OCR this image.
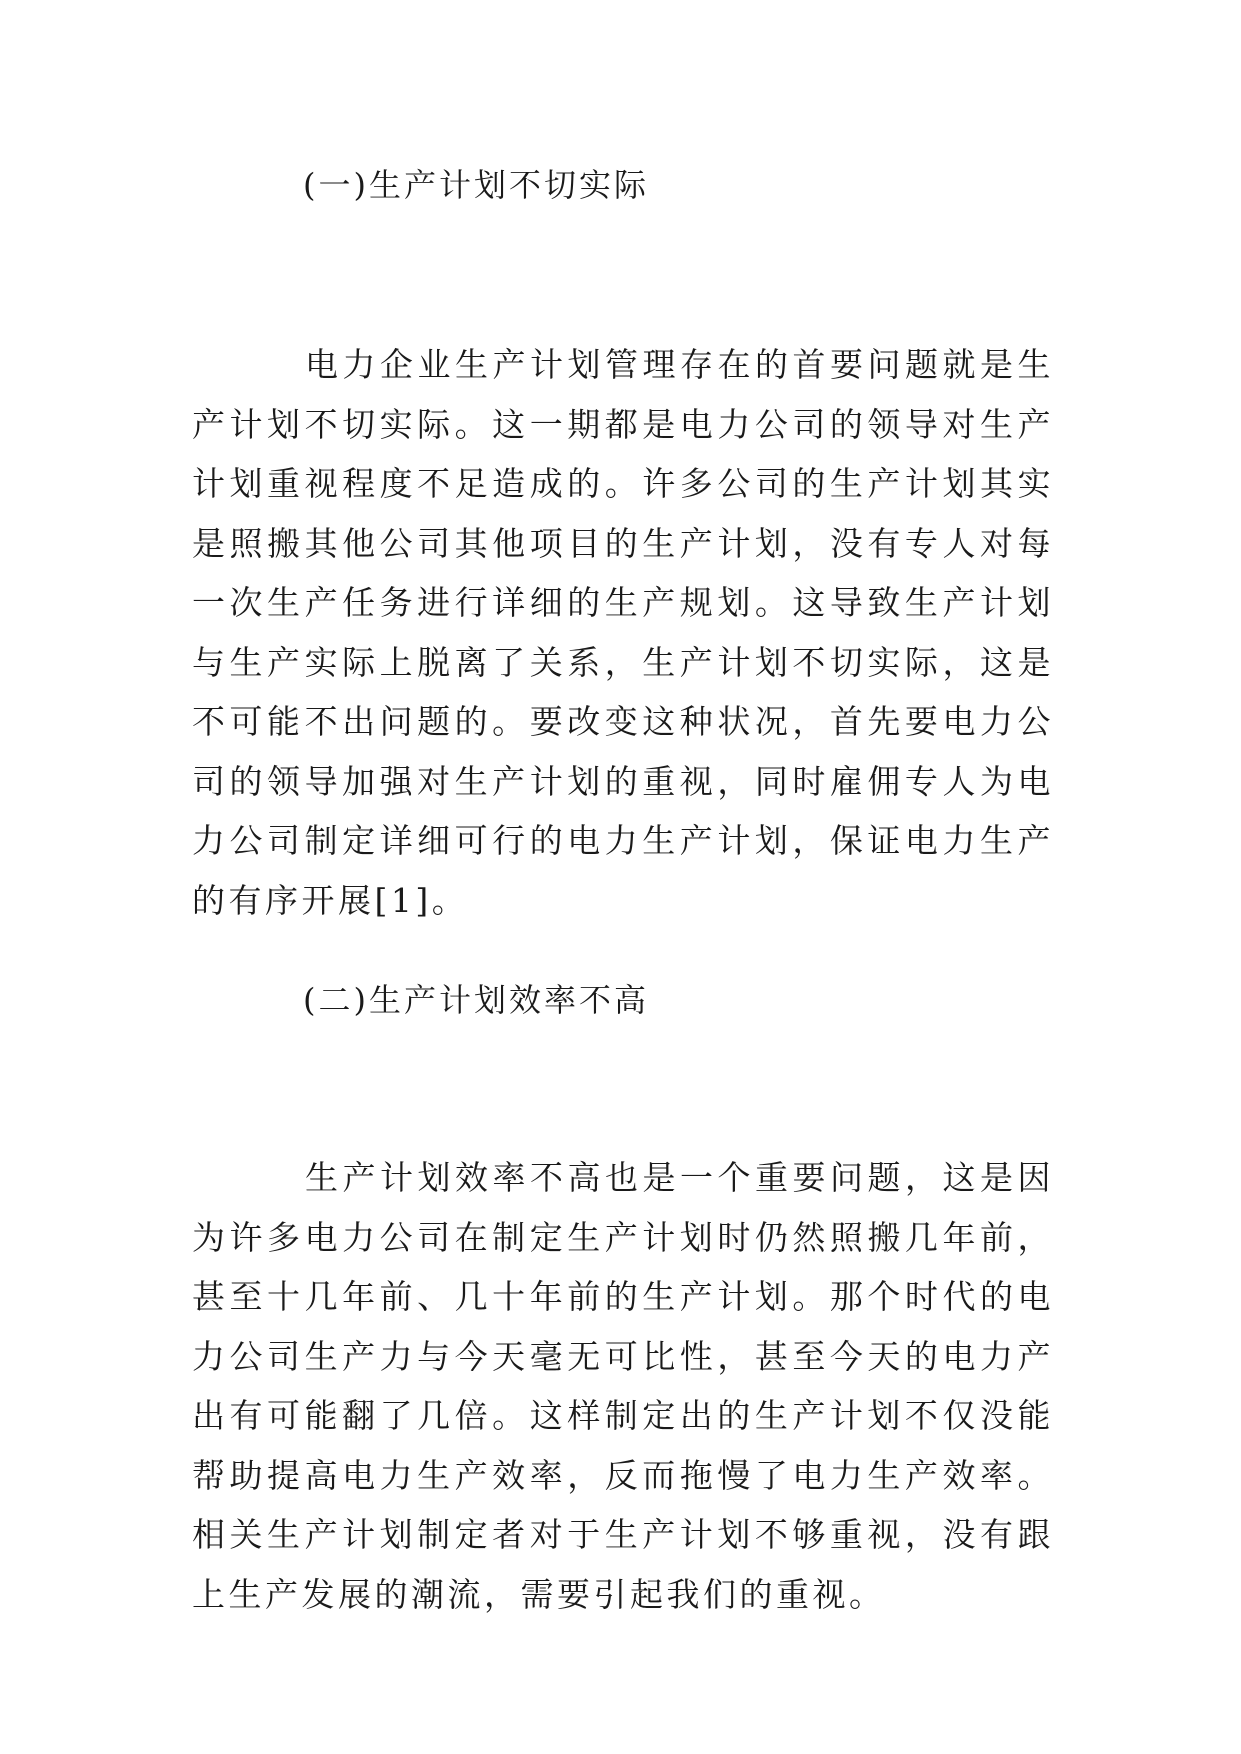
(一)生产计划不切实际

电力企业生产计划管理存在的首要问题就是生产计划不切实际。这一期都是电力公司的领导对生产计划重视程度不足造成的。许多公司的生产计划其实是照搬其他公司其他项目的生产计划，没有专人对每一次生产任务进行详细的生产规划。这导致生产计划与生产实际上脱离了关系，生产计划不切实际，这是不可能不出问题的。要改变这种状况，首先要电力公司的领导加强对生产计划的重视，同时雇佣专人为电力公司制定详细可行的电力生产计划，保证电力生产的有序开展[1]。

(二)生产计划效率不高

生产计划效率不高也是一个重要问题，这是因为许多电力公司在制定生产计划时仍然照搬几年前，甚至十几年前、几十年前的生产计划。那个时代的电力公司生产力与今天毫无可比性，甚至今天的电力产出有可能翻了几倍。这样制定出的生产计划不仅没能帮助提高电力生产效率，反而拖慢了电力生产效率。相关生产计划制定者对于生产计划不够重视，没有跟上生产发展的潮流，需要引起我们的重视。
